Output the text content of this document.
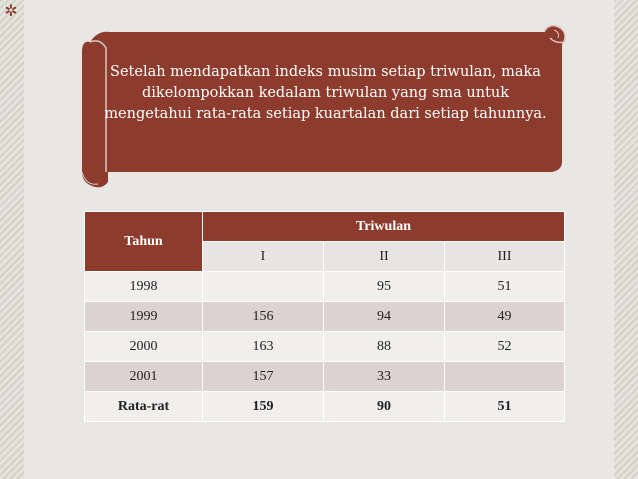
✲
Setelah mendapatkan indeks musim setiap triwulan, maka dikelompokkan kedalam triwulan yang sma untuk mengetahui rata-rata setiap kuartalan dari setiap tahunnya.
Tahun	Triwulan		
	I	II	III
1998		95	51
1999	156	94	49
2000	163	88	52
2001	157	33	
Rata-rat	159	90	51
